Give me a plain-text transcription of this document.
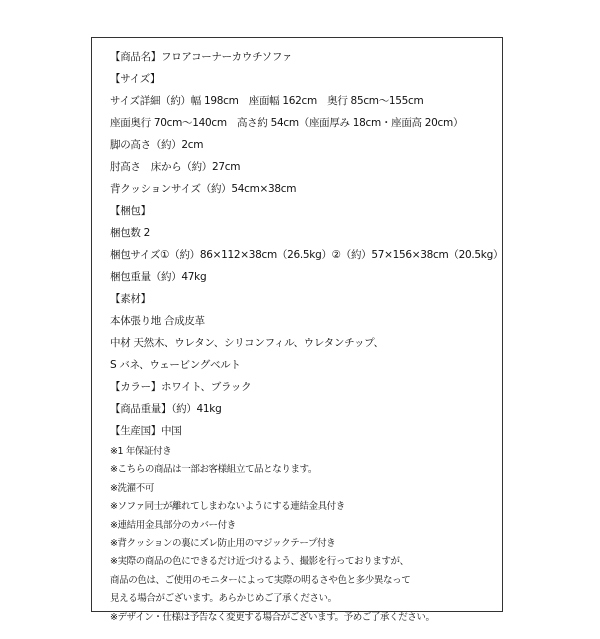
【商品名】フロアコーナーカウチソファ
【サイズ】
サイズ詳細（約）幅 198cm　座面幅 162cm　奥行 85cm～155cm
座面奥行 70cm～140cm　高さ約 54cm（座面厚み 18cm・座面高 20cm）
脚の高さ（約）2cm
肘高さ　床から（約）27cm
背クッションサイズ（約）54cm×38cm
【梱包】
梱包数 2
梱包サイズ①（約）86×112×38cm（26.5kg）②（約）57×156×38cm（20.5kg）
梱包重量（約）47kg
【素材】
本体張り地 合成皮革
中材 天然木、ウレタン、シリコンフィル、ウレタンチップ、
S バネ、ウェービングベルト
【カラー】ホワイト、ブラック
【商品重量】（約）41kg
【生産国】中国
※1 年保証付き
※こちらの商品は一部お客様組立て品となります。
※洗濯不可
※ソファ同士が離れてしまわないようにする連結金具付き
※連結用金具部分のカバー付き
※背クッションの裏にズレ防止用のマジックテープ付き
※実際の商品の色にできるだけ近づけるよう、撮影を行っておりますが、
商品の色は、ご使用のモニターによって実際の明るさや色と多少異なって
見える場合がございます。あらかじめご了承ください。
※デザイン・仕様は予告なく変更する場合がございます。予めご了承ください。
